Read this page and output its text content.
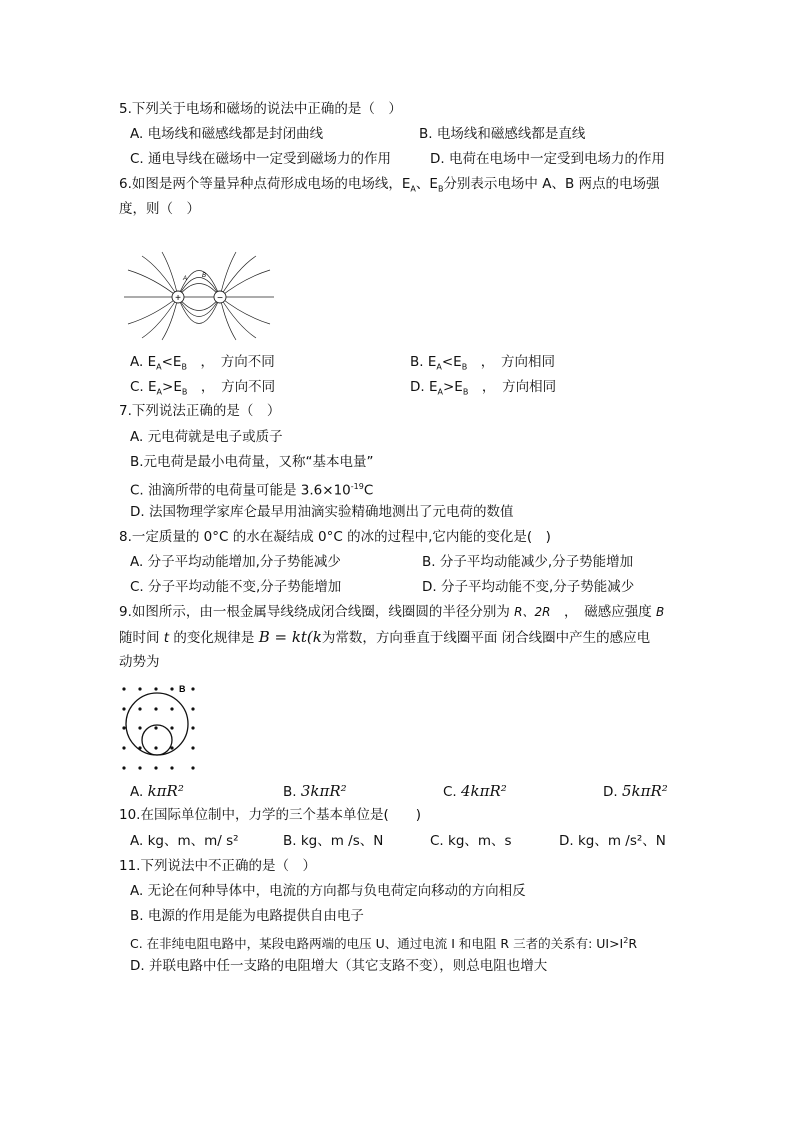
5.下列关于电场和磁场的说法中正确的是（　）
A. 电场线和磁感线都是封闭曲线	B. 电场线和磁感线都是直线
C. 通电导线在磁场中一定受到磁场力的作用	D. 电荷在电场中一定受到电场力的作用
6.如图是两个等量异种点荷形成电场的电场线，$E_A$、$E_B$分别表示电场中 A、B 两点的电场强
度，则（　）
+	−
A B
A. $E_A<E_B$　，　方向不同	B. $E_A<E_B$　，　方向相同
C. $E_A>E_B$　，　方向不同	D. $E_A>E_B$　，　方向相同
7.下列说法正确的是（　）
A. 元电荷就是电子或质子
B.元电荷是最小电荷量，又称“基本电量”
C. 油滴所带的电荷量可能是 $3.6\times 10^{-19}C$
D. 法国物理学家库仑最早用油滴实验精确地测出了元电荷的数值
8.一定质量的 0°C 的水在凝结成 0°C 的冰的过程中,它内能的变化是(　)
A. 分子平均动能增加,分子势能减少	B. 分子平均动能减少,分子势能增加
C. 分子平均动能不变,分子势能增加	D. 分子平均动能不变,分子势能减少
9.如图所示，由一根金属导线绕成闭合线圈，线圈圆的半径分别为 R、2R　，　磁感应强度 B
随时间 t 的变化规律是 B = kt(k为常数，方向垂直于线圈平面 闭合线圈中产生的感应电
动势为
B
A. kπR²	B. 3kπR²	C. 4kπR²	D. 5kπR²
10.在国际单位制中，力学的三个基本单位是(　　)
A. kg、m、m/ s²	B. kg、m /s、N	C. kg、m、s	D. kg、m /s²、N
11.下列说法中不正确的是（　）
A. 无论在何种导体中，电流的方向都与负电荷定向移动的方向相反
B. 电源的作用是能为电路提供自由电子
C. 在非纯电阻电路中，某段电路两端的电压 U、通过电流 I 和电阻 R 三者的关系有: $UI>I^2R$
D. 并联电路中任一支路的电阻增大（其它支路不变），则总电阻也增大
